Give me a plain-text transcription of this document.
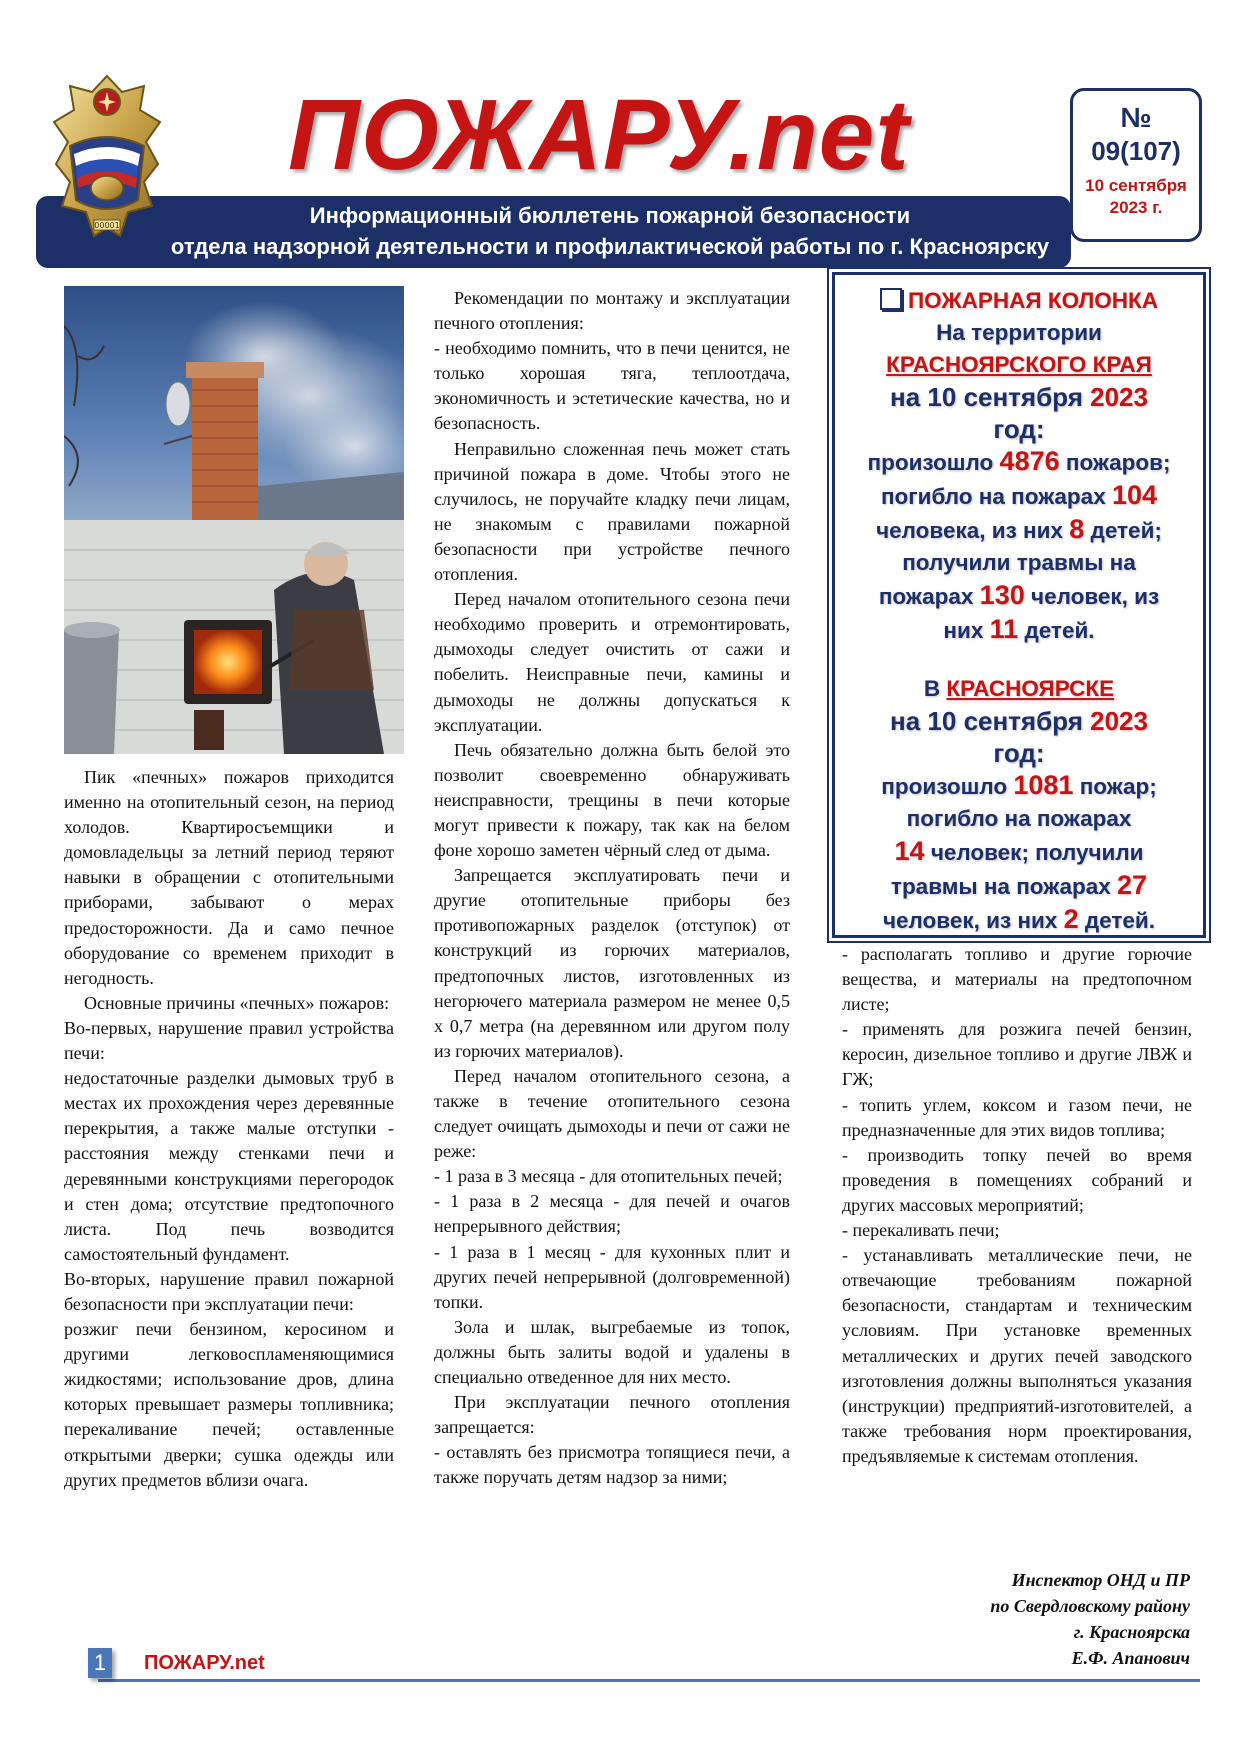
00001
ПОЖАРУ.net
Информационный бюллетень пожарной безопасности
отдела надзорной деятельности и профилактической работы по г. Красноярску
№
09(107)
10 сентября
2023 г.

Пик «печных» пожаров приходится именно на отопительный сезон, на период холодов. Квартиросъемщики и домовладельцы за летний период теряют навыки в обращении с отопительными приборами, забывают о мерах предосторожности. Да и само печное оборудование со временем приходит в негодность.

Основные причины «печных» пожаров:

Во-первых, нарушение правил устройства печи:

недостаточные разделки дымовых труб в местах их прохождения через деревянные перекрытия, а также малые отступки - расстояния между стенками печи и деревянными конструкциями перегородок и стен дома; отсутствие предтопочного листа. Под печь возводится самостоятельный фундамент.

Во-вторых, нарушение правил пожарной безопасности при эксплуатации печи:

розжиг печи бензином, керосином и другими легковоспламеняющимися жидкостями; использование дров, длина которых превышает размеры топливника; перекаливание печей; оставленные открытыми дверки; сушка одежды или других предметов вблизи очага.

Рекомендации по монтажу и эксплуатации печного отопления:

- необходимо помнить, что в печи ценится, не только хорошая тяга, теплоотдача, экономичность и эстетические качества, но и безопасность.

Неправильно сложенная печь может стать причиной пожара в доме. Чтобы этого не случилось, не поручайте кладку печи лицам, не знакомым с правилами пожарной безопасности при устройстве печного отопления.

Перед началом отопительного сезона печи необходимо проверить и отремонтировать, дымоходы следует очистить от сажи и побелить. Неисправные печи, камины и дымоходы не должны допускаться к эксплуатации.

Печь обязательно должна быть белой это позволит своевременно обнаруживать неисправности, трещины в печи которые могут привести к пожару, так как на белом фоне хорошо заметен чёрный след от дыма.

Запрещается эксплуатировать печи и другие отопительные приборы без противопожарных разделок (отступок) от конструкций из горючих материалов, предтопочных листов, изготовленных из негорючего материала размером не менее 0,5 х 0,7 метра (на деревянном или другом полу из горючих материалов).

Перед началом отопительного сезона, а также в течение отопительного сезона следует очищать дымоходы и печи от сажи не реже:

- 1 раза в 3 месяца - для отопительных печей;

- 1 раза в 2 месяца - для печей и очагов непрерывного действия;

- 1 раза в 1 месяц - для кухонных плит и других печей непрерывной (долговременной) топки.

Зола и шлак, выгребаемые из топок, должны быть залиты водой и удалены в специально отведенное для них место.

При эксплуатации печного отопления запрещается:

- оставлять без присмотра топящиеся печи, а также поручать детям надзор за ними;

ПОЖАРНАЯ КОЛОНКА
На территории
КРАСНОЯРСКОГО КРАЯ
на 10 сентября 2023
год:
произошло 4876 пожаров;
погибло на пожарах 104
человека, из них 8 детей;
получили травмы на
пожарах 130 человек, из
них 11 детей.
В КРАСНОЯРСКЕ
на 10 сентября 2023
год:
произошло 1081 пожар;
погибло на пожарах
14 человек; получили
травмы на пожарах 27
человек, из них 2 детей.

- располагать топливо и другие горючие вещества, и материалы на предтопочном листе;

- применять для розжига печей бензин, керосин, дизельное топливо и другие ЛВЖ и ГЖ;

- топить углем, коксом и газом печи, не предназначенные для этих видов топлива;

- производить топку печей во время проведения в помещениях собраний и других массовых мероприятий;

- перекаливать печи;

- устанавливать металлические печи, не отвечающие требованиям пожарной безопасности, стандартам и техническим условиям. При установке временных металлических и других печей заводского изготовления должны выполняться указания (инструкции) предприятий-изготовителей, а также требования норм проектирования, предъявляемые к системам отопления.

Инспектор ОНД и ПР
по Свердловскому району
г. Красноярска
Е.Ф. Апанович
1 ПОЖАРУ.net
